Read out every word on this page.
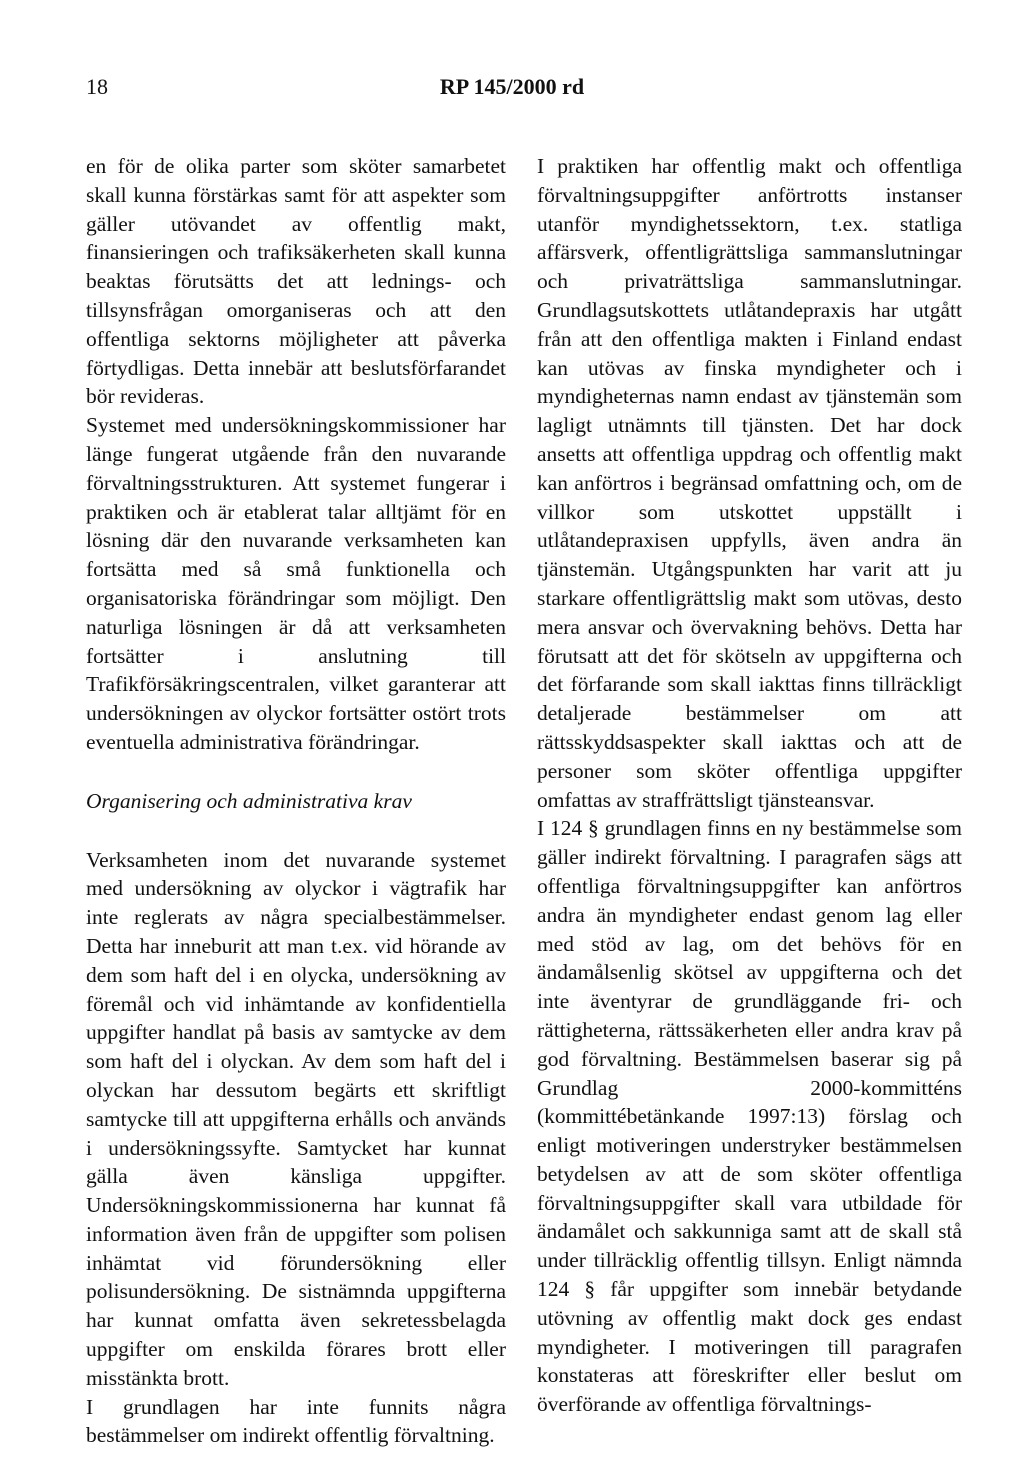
18	RP 145/2000 rd

en för de olika parter som sköter samarbetet skall kunna förstärkas samt för att aspekter som gäller utövandet av offentlig makt, finansieringen och trafiksäkerheten skall kunna beaktas förutsätts det att lednings- och tillsynsfrågan omorganiseras och att den offentliga sektorns möjligheter att påverka förtydligas. Detta innebär att beslutsförfarandet bör revideras.

Systemet med undersökningskommissioner har länge fungerat utgående från den nuvarande förvaltningsstrukturen. Att systemet fungerar i praktiken och är etablerat talar alltjämt för en lösning där den nuvarande verksamheten kan fortsätta med så små funktionella och organisatoriska förändringar som möjligt. Den naturliga lösningen är då att verksamheten fortsätter i anslutning till Trafikförsäkringscentralen, vilket garanterar att undersökningen av olyckor fortsätter ostört trots eventuella administrativa förändringar.

Organisering och administrativa krav

Verksamheten inom det nuvarande systemet med undersökning av olyckor i vägtrafik har inte reglerats av några specialbestämmelser. Detta har inneburit att man t.ex. vid hörande av dem som haft del i en olycka, undersökning av föremål och vid inhämtande av konfidentiella uppgifter handlat på basis av samtycke av dem som haft del i olyckan. Av dem som haft del i olyckan har dessutom begärts ett skriftligt samtycke till att uppgifterna erhålls och används i undersökningssyfte. Samtycket har kunnat gälla även känsliga uppgifter. Undersökningskommissionerna har kunnat få information även från de uppgifter som polisen inhämtat vid förundersökning eller polisundersökning. De sistnämnda uppgifterna har kunnat omfatta även sekretessbelagda uppgifter om enskilda förares brott eller misstänkta brott.

I grundlagen har inte funnits några bestämmelser om indirekt offentlig förvaltning.

I praktiken har offentlig makt och offentliga förvaltningsuppgifter anförtrotts instanser utanför myndighetssektorn, t.ex. statliga affärsverk, offentligrättsliga sammanslutningar och privaträttsliga sammanslutningar. Grundlagsutskottets utlåtandepraxis har utgått från att den offentliga makten i Finland endast kan utövas av finska myndigheter och i myndigheternas namn endast av tjänstemän som lagligt utnämnts till tjänsten. Det har dock ansetts att offentliga uppdrag och offentlig makt kan anförtros i begränsad omfattning och, om de villkor som utskottet uppställt i utlåtandepraxisen uppfylls, även andra än tjänstemän. Utgångspunkten har varit att ju starkare offentligrättslig makt som utövas, desto mera ansvar och övervakning behövs. Detta har förutsatt att det för skötseln av uppgifterna och det förfarande som skall iakttas finns tillräckligt detaljerade bestämmelser om att rättsskyddsaspekter skall iakttas och att de personer som sköter offentliga uppgifter omfattas av straffrättsligt tjänsteansvar.

I 124 § grundlagen finns en ny bestämmelse som gäller indirekt förvaltning. I paragrafen sägs att offentliga förvaltningsuppgifter kan anförtros andra än myndigheter endast genom lag eller med stöd av lag, om det behövs för en ändamålsenlig skötsel av uppgifterna och det inte äventyrar de grundläggande fri- och rättigheterna, rättssäkerheten eller andra krav på god förvaltning. Bestämmelsen baserar sig på Grundlag 2000-kommitténs (kommittébetänkande 1997:13) förslag och enligt motiveringen understryker bestämmelsen betydelsen av att de som sköter offentliga förvaltningsuppgifter skall vara utbildade för ändamålet och sakkunniga samt att de skall stå under tillräcklig offentlig tillsyn. Enligt nämnda 124 § får uppgifter som innebär betydande utövning av offentlig makt dock ges endast myndigheter. I motiveringen till paragrafen konstateras att föreskrifter eller beslut om överförande av offentliga förvaltnings-
